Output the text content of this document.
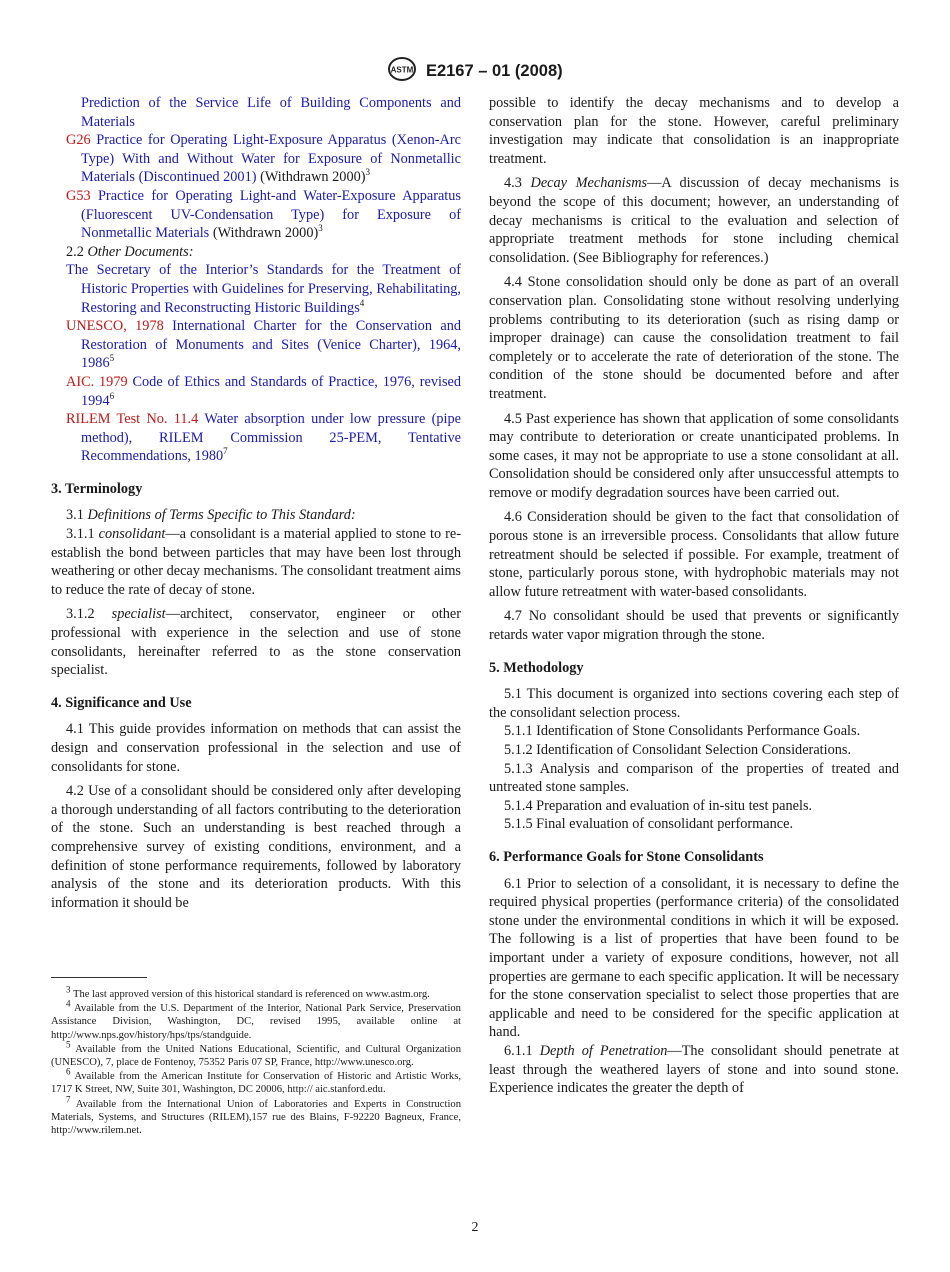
ASTM E2167 – 01 (2008)

Prediction of the Service Life of Building Components and Materials

G26 Practice for Operating Light-Exposure Apparatus (Xenon-Arc Type) With and Without Water for Exposure of Nonmetallic Materials (Discontinued 2001) (Withdrawn 2000)$^3$

G53 Practice for Operating Light-and Water-Exposure Apparatus (Fluorescent UV-Condensation Type) for Exposure of Nonmetallic Materials (Withdrawn 2000)$^3$

2.2 Other Documents:

The Secretary of the Interior’s Standards for the Treatment of Historic Properties with Guidelines for Preserving, Rehabilitating, Restoring and Reconstructing Historic Buildings$^4$

UNESCO, 1978 International Charter for the Conservation and Restoration of Monuments and Sites (Venice Charter), 1964, 1986$^5$

AIC. 1979 Code of Ethics and Standards of Practice, 1976, revised 1994$^6$

RILEM Test No. 11.4 Water absorption under low pressure (pipe method), RILEM Commission 25-PEM, Tentative Recommendations, 1980$^7$

3. Terminology

3.1 Definitions of Terms Specific to This Standard:

3.1.1 consolidant—a consolidant is a material applied to stone to re-establish the bond between particles that may have been lost through weathering or other decay mechanisms. The consolidant treatment aims to reduce the rate of decay of stone.

3.1.2 specialist—architect, conservator, engineer or other professional with experience in the selection and use of stone consolidants, hereinafter referred to as the stone conservation specialist.

4. Significance and Use

4.1 This guide provides information on methods that can assist the design and conservation professional in the selection and use of consolidants for stone.

4.2 Use of a consolidant should be considered only after developing a thorough understanding of all factors contributing to the deterioration of the stone. Such an understanding is best reached through a comprehensive survey of existing conditions, environment, and a definition of stone performance requirements, followed by laboratory analysis of the stone and its deterioration products. With this information it should be

$^3$ The last approved version of this historical standard is referenced on www.astm.org.

$^4$ Available from the U.S. Department of the Interior, National Park Service, Preservation Assistance Division, Washington, DC, revised 1995, available online at http://www.nps.gov/history/hps/tps/standguide.

$^5$ Available from the United Nations Educational, Scientific, and Cultural Organization (UNESCO), 7, place de Fontenoy, 75352 Paris 07 SP, France, http://www.unesco.org.

$^6$ Available from the American Institute for Conservation of Historic and Artistic Works, 1717 K Street, NW, Suite 301, Washington, DC 20006, http:// aic.stanford.edu.

$^7$ Available from the International Union of Laboratories and Experts in Construction Materials, Systems, and Structures (RILEM),157 rue des Blains, F-92220 Bagneux, France, http://www.rilem.net.

possible to identify the decay mechanisms and to develop a conservation plan for the stone. However, careful preliminary investigation may indicate that consolidation is an inappropriate treatment.

4.3 Decay Mechanisms—A discussion of decay mechanisms is beyond the scope of this document; however, an understanding of decay mechanisms is critical to the evaluation and selection of appropriate treatment methods for stone including chemical consolidation. (See Bibliography for references.)

4.4 Stone consolidation should only be done as part of an overall conservation plan. Consolidating stone without resolving underlying problems contributing to its deterioration (such as rising damp or improper drainage) can cause the consolidation treatment to fail completely or to accelerate the rate of deterioration of the stone. The condition of the stone should be documented before and after treatment.

4.5 Past experience has shown that application of some consolidants may contribute to deterioration or create unanticipated problems. In some cases, it may not be appropriate to use a stone consolidant at all. Consolidation should be considered only after unsuccessful attempts to remove or modify degradation sources have been carried out.

4.6 Consideration should be given to the fact that consolidation of porous stone is an irreversible process. Consolidants that allow future retreatment should be selected if possible. For example, treatment of stone, particularly porous stone, with hydrophobic materials may not allow future retreatment with water-based consolidants.

4.7 No consolidant should be used that prevents or significantly retards water vapor migration through the stone.

5. Methodology

5.1 This document is organized into sections covering each step of the consolidant selection process.

5.1.1 Identification of Stone Consolidants Performance Goals.

5.1.2 Identification of Consolidant Selection Considerations.

5.1.3 Analysis and comparison of the properties of treated and untreated stone samples.

5.1.4 Preparation and evaluation of in-situ test panels.

5.1.5 Final evaluation of consolidant performance.

6. Performance Goals for Stone Consolidants

6.1 Prior to selection of a consolidant, it is necessary to define the required physical properties (performance criteria) of the consolidated stone under the environmental conditions in which it will be exposed. The following is a list of properties that have been found to be important under a variety of exposure conditions, however, not all properties are germane to each specific application. It will be necessary for the stone conservation specialist to select those properties that are applicable and need to be considered for the specific application at hand.

6.1.1 Depth of Penetration—The consolidant should penetrate at least through the weathered layers of stone and into sound stone. Experience indicates the greater the depth of

2
